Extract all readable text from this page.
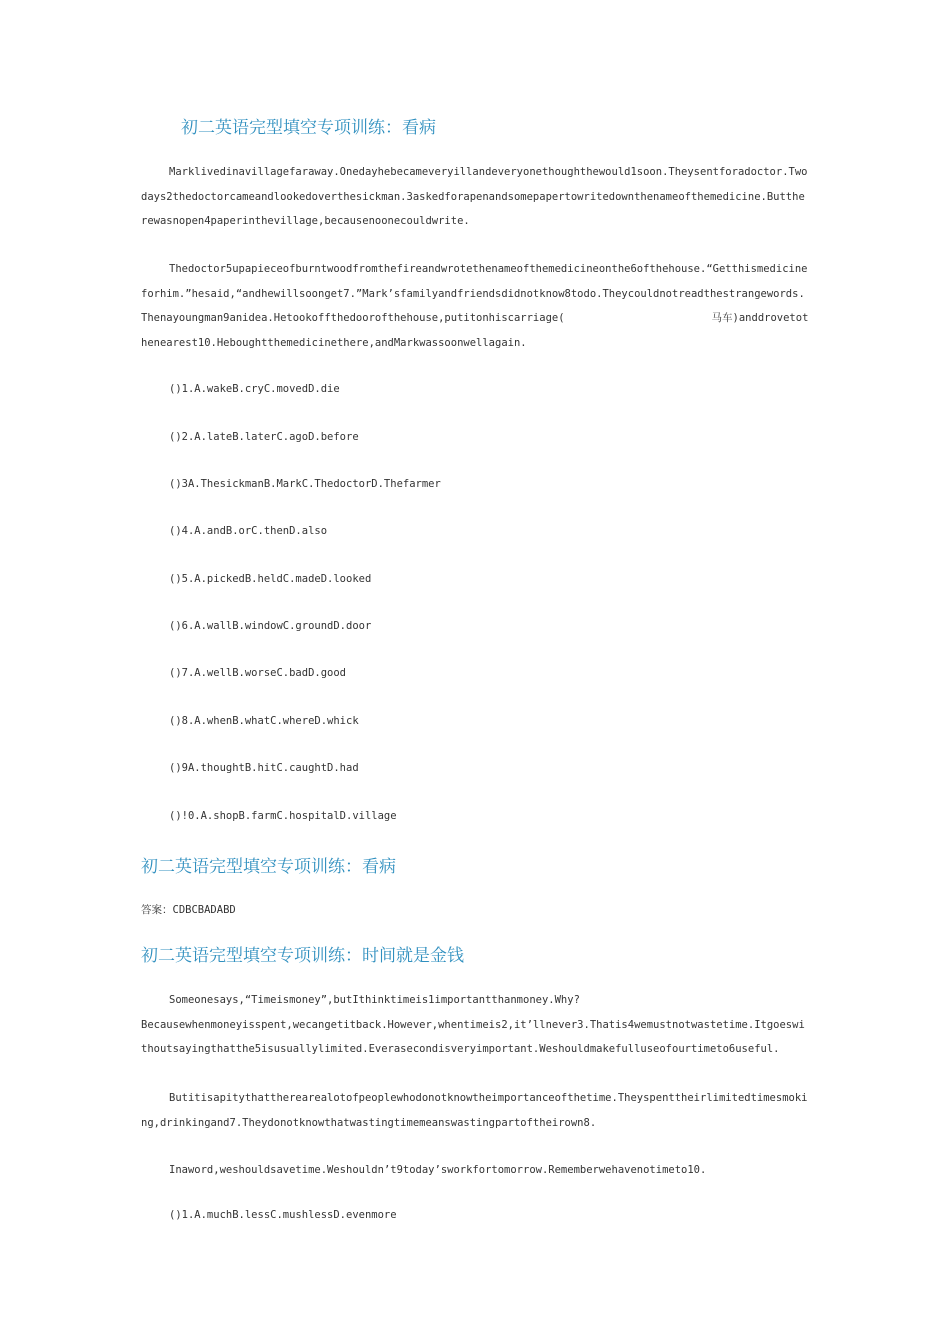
初二英语完型填空专项训练：看病
Marklivedinavillagefaraway.Onedayhebecameveryillandeveryonethoughthewould1soon.Theysentforadoctor.Twodays2thedoctorcameandlookedoverthesickman.3askedforapenandsomepapertowritedownthenameofthemedicine.Buttherewasnopen4paperinthevillage,becausenoonecouldwrite.
Thedoctor5upapieceofburntwoodfromthefireandwrotethenameofthemedicineonthe6ofthehouse.“Getthismedicineforhim.”hesaid,“andhewillsoonget7.”Mark’sfamilyandfriendsdidnotknow8todo.Theycouldnotreadthestrangewords.Thenayoungman9anidea.Hetookoffthedoorofthehouse,putitonhiscarriage(　　　　　　　　　　　　　　马车)anddrovetothenearest10.Heboughtthemedicinethere,andMarkwassoonwellagain.
()1.A.wakeB.cryC.movedD.die
()2.A.lateB.laterC.agoD.before
()3A.ThesickmanB.MarkC.ThedoctorD.Thefarmer
()4.A.andB.orC.thenD.also
()5.A.pickedB.heldC.madeD.looked
()6.A.wallB.windowC.groundD.door
()7.A.wellB.worseC.badD.good
()8.A.whenB.whatC.whereD.whick
()9A.thoughtB.hitC.caughtD.had
()!0.A.shopB.farmC.hospitalD.village
初二英语完型填空专项训练：看病
答案：CDBCBADABD
初二英语完型填空专项训练：时间就是金钱
Someonesays,“Timeismoney”,butIthinktimeis1importantthanmoney.Why?
Becausewhenmoneyisspent,wecangetitback.However,whentimeis2,it’llnever3.Thatis4wemustnotwastetime.Itgoeswithoutsayingthatthe5isusuallylimited.Everasecondisveryimportant.Weshouldmakefulluseofourtimeto6useful.
Butitisapitythattherearealotofpeoplewhodonotknowtheimportanceofthetime.Theyspenttheirlimitedtimesmoking,drinkingand7.Theydonotknowthatwastingtimemeanswastingpartoftheirown8.
Inaword,weshouldsavetime.Weshouldn’t9today’sworkfortomorrow.Rememberwehavenotimeto10.
()1.A.muchB.lessC.mushlessD.evenmore
